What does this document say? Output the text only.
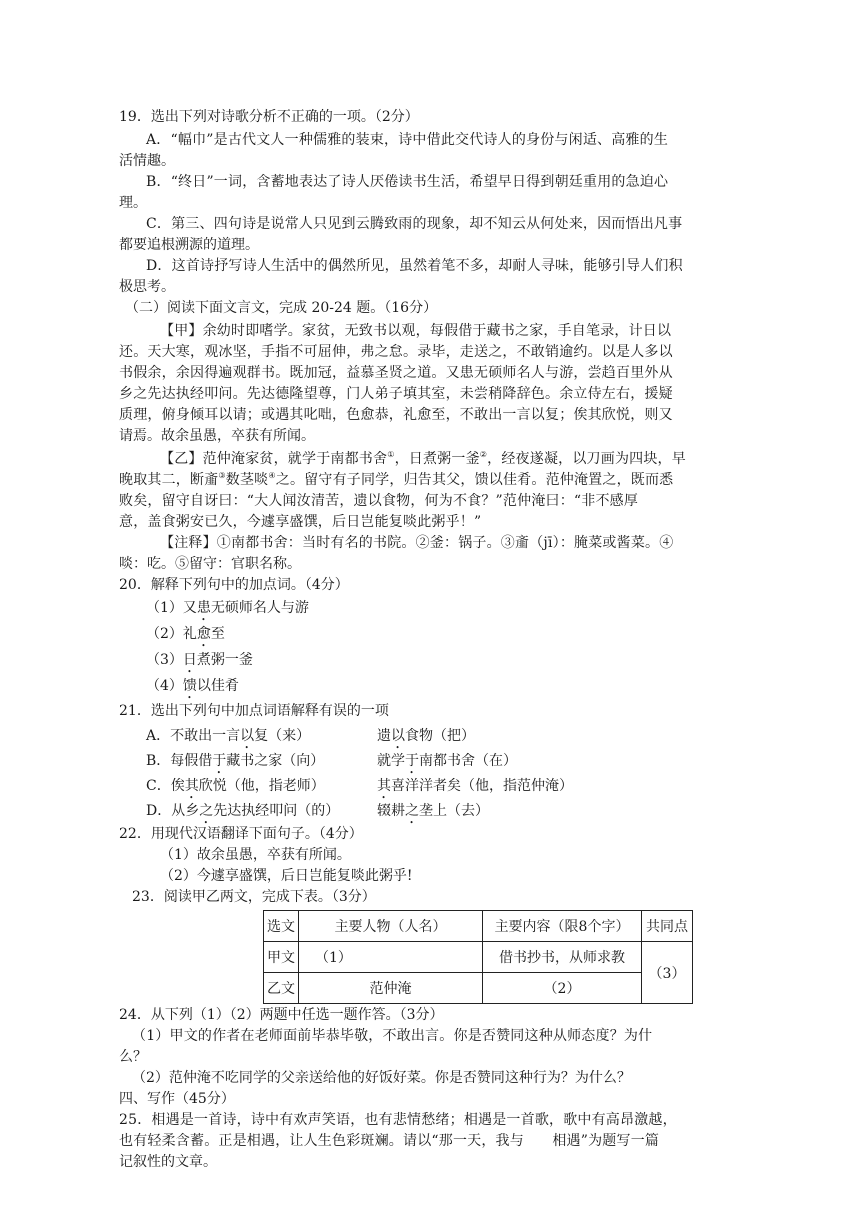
19．选出下列对诗歌分析不正确的一项。（2分）
A．“幅巾”是古代文人一种儒雅的装束，诗中借此交代诗人的身份与闲适、高雅的生
活情趣。
B．“终日”一词，含蓄地表达了诗人厌倦读书生活，希望早日得到朝廷重用的急迫心
理。
C．第三、四句诗是说常人只见到云腾致雨的现象，却不知云从何处来，因而悟出凡事
都要追根溯源的道理。
D．这首诗抒写诗人生活中的偶然所见，虽然着笔不多，却耐人寻味，能够引导人们积
极思考。
（二）阅读下面文言文，完成 20-24 题。（16分）
【甲】余幼时即嗜学。家贫，无致书以观，每假借于藏书之家，手自笔录，计日以
还。天大寒，观冰坚，手指不可屈伸，弗之怠。录毕，走送之，不敢销逾约。以是人多以
书假余，余因得遍观群书。既加冠，益慕圣贤之道。又患无硕师名人与游，尝趋百里外从
乡之先达执经叩问。先达德隆望尊，门人弟子填其室，未尝稍降辞色。余立侍左右，援疑
质理，俯身倾耳以请；或遇其叱咄，色愈恭，礼愈至，不敢出一言以复；俟其欣悦，则又
请焉。故余虽愚，卒获有所闻。
【乙】范仲淹家贫，就学于南都书舍①，日煮粥一釜②，经夜遂凝，以刀画为四块，早
晚取其二，断齑③数茎啖④之。留守有子同学，归告其父，馈以佳肴。范仲淹置之，既而悉
败矣，留守自讶曰：“大人闻汝清苦，遗以食物，何为不食？”范仲淹曰：“非不感厚
意，盖食粥安已久，今遽享盛馔，后日岂能复啖此粥乎！”
【注释】①南都书舍：当时有名的书院。②釜：锅子。③齑（jī）：腌菜或酱菜。④
啖：吃。⑤留守：官职名称。
20．解释下列句中的加点词。（4分）
（1）又患无硕师名人与游
（2）礼愈至
（3）日煮粥一釜
（4）馈以佳肴
21．选出下列句中加点词语解释有误的一项
A．不敢出一言以复（来）	遗以食物（把）
B．每假借于藏书之家（向）	就学于南都书舍（在）
C．俟其欣悦（他，指老师）	其喜洋洋者矣（他，指范仲淹）
D．从乡之先达执经叩问（的）	辍耕之垄上（去）
22．用现代汉语翻译下面句子。（4分）
（1）故余虽愚，卒获有所闻。
（2）今遽享盛馔，后日岂能复啖此粥乎!
23．阅读甲乙两文，完成下表。（3分）
选文	主要人物（人名）	主要内容（限8个字）	共同点
甲文	（1）	借书抄书，从师求教	（3）
乙文	范仲淹	（2）	
24．从下列（1）（2）两题中任选一题作答。（3分）
（1）甲文的作者在老师面前毕恭毕敬，不敢出言。你是否赞同这种从师态度？为什
么？
（2）范仲淹不吃同学的父亲送给他的好饭好菜。你是否赞同这种行为？为什么？
四、写作（45分）
25．相遇是一首诗，诗中有欢声笑语，也有悲情愁绪；相遇是一首歌，歌中有高昂激越，
也有轻柔含蓄。正是相遇，让人生色彩斑斓。请以“那一天，我与　　相遇”为题写一篇
记叙性的文章。
